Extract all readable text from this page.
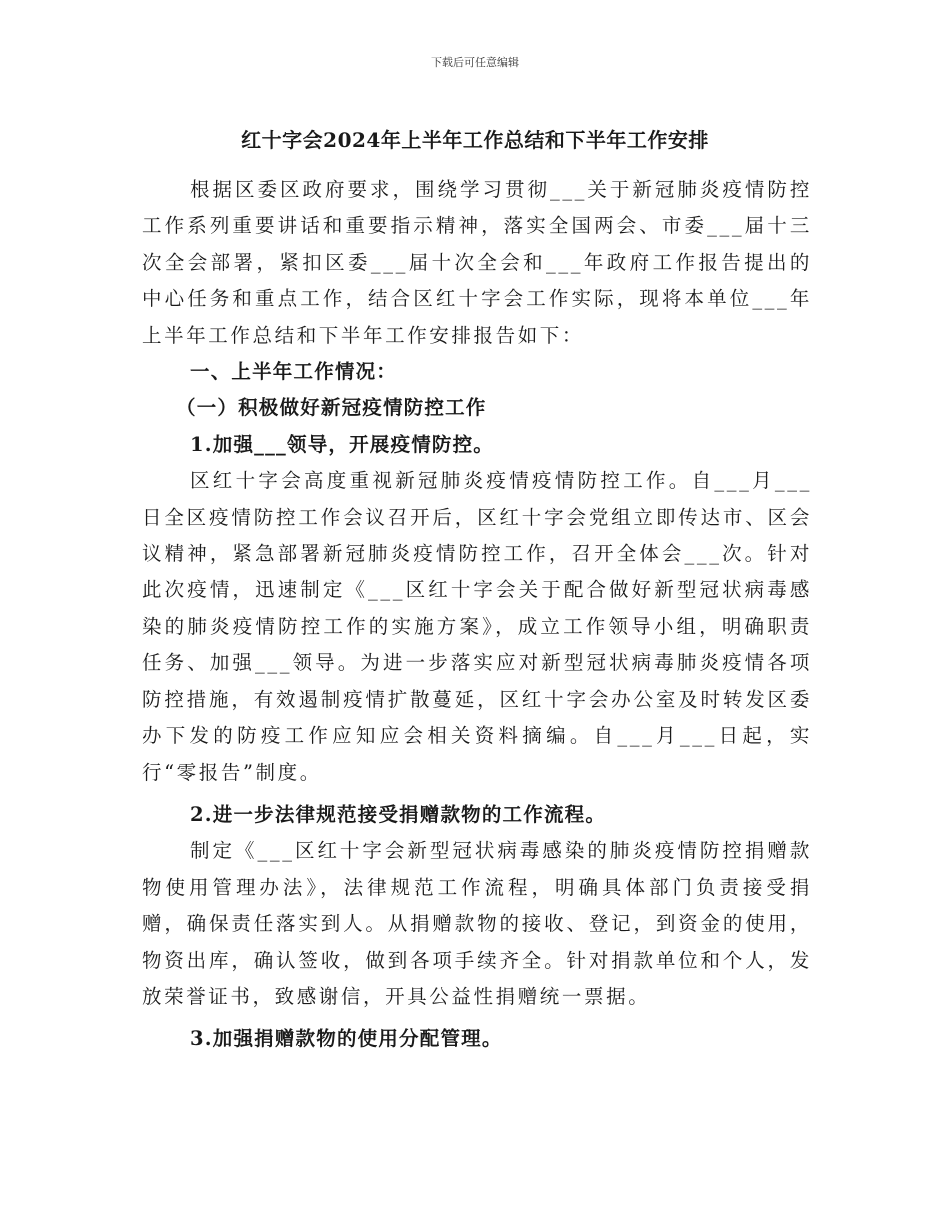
下载后可任意编辑
红十字会2024年上半年工作总结和下半年工作安排

根据区委区政府要求，围绕学习贯彻___关于新冠肺炎疫情防控工作系列重要讲话和重要指示精神，落实全国两会、市委___届十三次全会部署，紧扣区委___届十次全会和___年政府工作报告提出的中心任务和重点工作，结合区红十字会工作实际，现将本单位___年上半年工作总结和下半年工作安排报告如下：

一、上半年工作情况：

（一）积极做好新冠疫情防控工作

1.加强___领导，开展疫情防控。

区红十字会高度重视新冠肺炎疫情疫情防控工作。自___月___日全区疫情防控工作会议召开后，区红十字会党组立即传达市、区会议精神，紧急部署新冠肺炎疫情防控工作，召开全体会___次。针对此次疫情，迅速制定《___区红十字会关于配合做好新型冠状病毒感染的肺炎疫情防控工作的实施方案》，成立工作领导小组，明确职责任务、加强___领导。为进一步落实应对新型冠状病毒肺炎疫情各项防控措施，有效遏制疫情扩散蔓延，区红十字会办公室及时转发区委办下发的防疫工作应知应会相关资料摘编。自___月___日起，实行“零报告”制度。

2.进一步法律规范接受捐赠款物的工作流程。

制定《___区红十字会新型冠状病毒感染的肺炎疫情防控捐赠款物使用管理办法》，法律规范工作流程，明确具体部门负责接受捐赠，确保责任落实到人。从捐赠款物的接收、登记，到资金的使用，物资出库，确认签收，做到各项手续齐全。针对捐款单位和个人，发放荣誉证书，致感谢信，开具公益性捐赠统一票据。

3.加强捐赠款物的使用分配管理。
